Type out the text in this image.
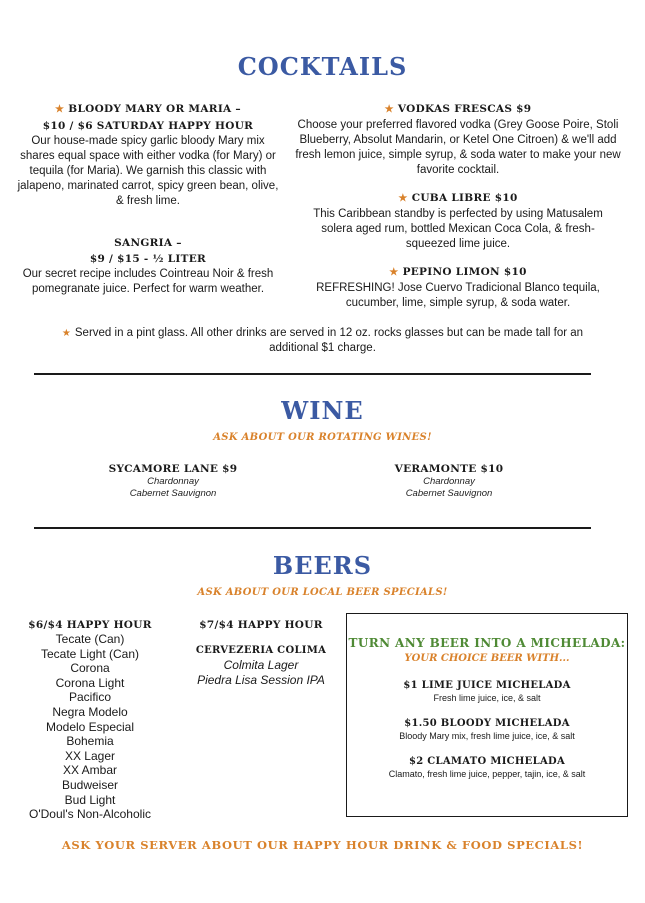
COCKTAILS
★ BLOODY MARY OR MARIA –
$10 / $6 SATURDAY HAPPY HOUR
Our house-made spicy garlic bloody Mary mix shares equal space with either vodka (for Mary) or tequila (for Maria). We garnish this classic with jalapeno, marinated carrot, spicy green bean, olive, & fresh lime.
SANGRIA –
$9 / $15 - ½ LITER
Our secret recipe includes Cointreau Noir & fresh pomegranate juice. Perfect for warm weather.
★ VODKAS FRESCAS $9
Choose your preferred flavored vodka (Grey Goose Poire, Stoli Blueberry, Absolut Mandarin, or Ketel One Citroen) & we'll add fresh lemon juice, simple syrup, & soda water to make your new favorite cocktail.
★ CUBA LIBRE $10
This Caribbean standby is perfected by using Matusalem solera aged rum, bottled Mexican Coca Cola, & fresh-squeezed lime juice.
★ PEPINO LIMON $10
REFRESHING! Jose Cuervo Tradicional Blanco tequila, cucumber, lime, simple syrup, & soda water.
★ Served in a pint glass. All other drinks are served in 12 oz. rocks glasses but can be made tall for an additional $1 charge.
WINE
ASK ABOUT OUR ROTATING WINES!
SYCAMORE LANE $9
Chardonnay
Cabernet Sauvignon
VERAMONTE $10
Chardonnay
Cabernet Sauvignon
BEERS
ASK ABOUT OUR LOCAL BEER SPECIALS!
$6/$4 HAPPY HOUR
Tecate (Can)
Tecate Light (Can)
Corona
Corona Light
Pacifico
Negra Modelo
Modelo Especial
Bohemia
XX Lager
XX Ambar
Budweiser
Bud Light
O'Doul's Non-Alcoholic
$7/$4 HAPPY HOUR
CERVEZERIA COLIMA
Colmita Lager
Piedra Lisa Session IPA
TURN ANY BEER INTO A MICHELADA:
YOUR CHOICE BEER WITH...
$1 LIME JUICE MICHELADA
Fresh lime juice, ice, & salt
$1.50 BLOODY MICHELADA
Bloody Mary mix, fresh lime juice, ice, & salt
$2 CLAMATO MICHELADA
Clamato, fresh lime juice, pepper, tajin, ice, & salt
ASK YOUR SERVER ABOUT OUR HAPPY HOUR DRINK & FOOD SPECIALS!
